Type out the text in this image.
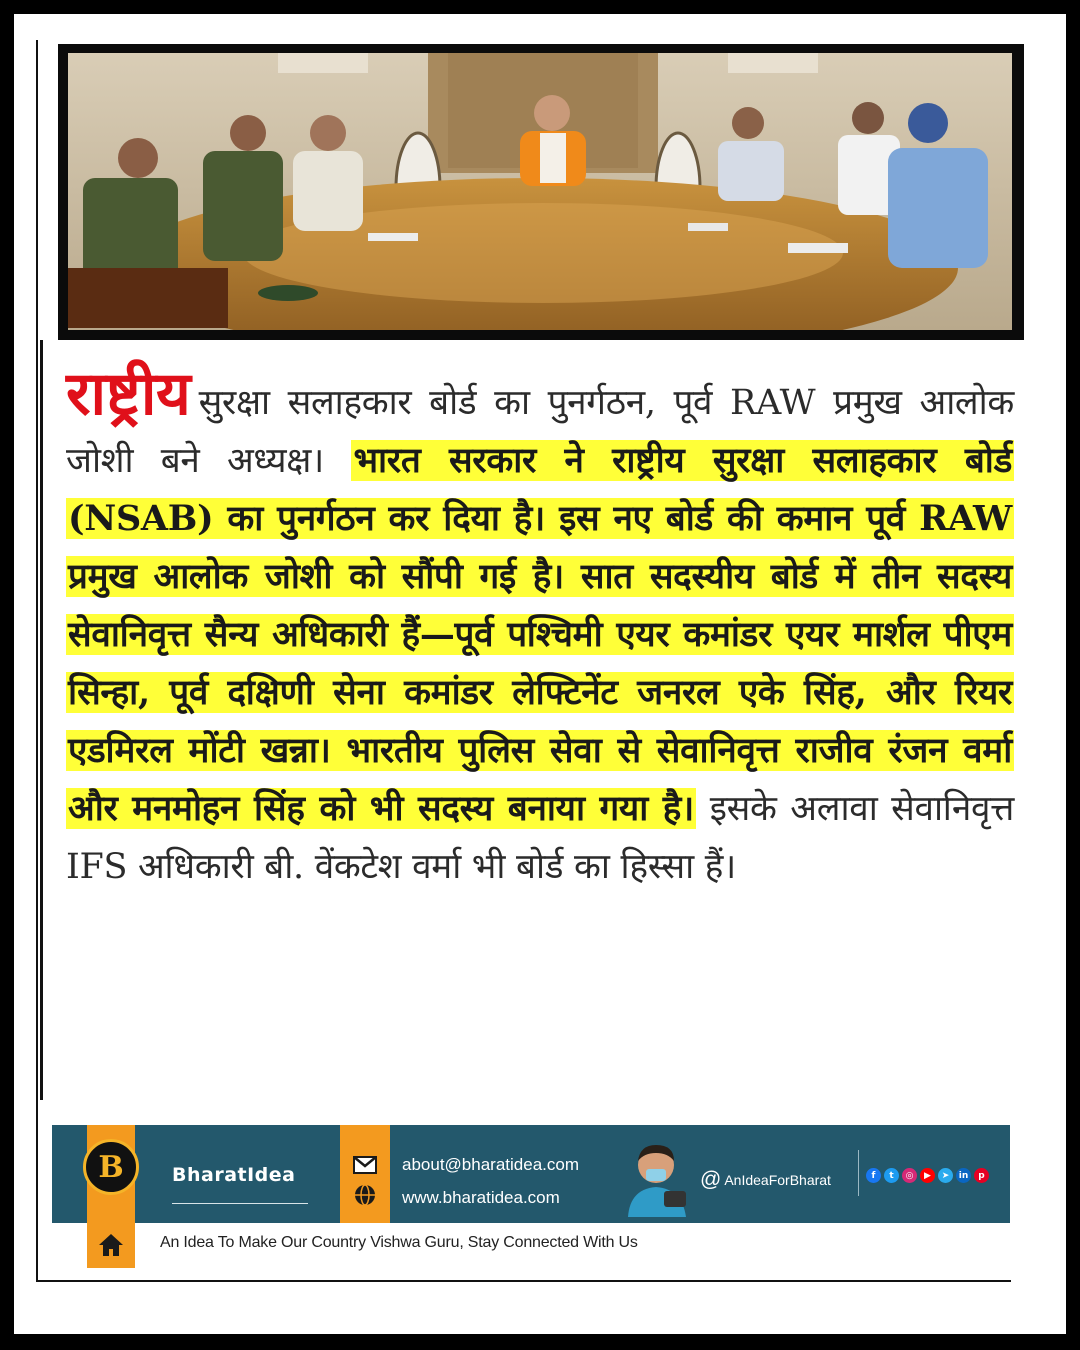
राष्ट्रीय सुरक्षा सलाहकार बोर्ड का पुनर्गठन, पूर्व RAW प्रमुख आलोक जोशी बने अध्यक्ष। भारत सरकार ने राष्ट्रीय सुरक्षा सलाहकार बोर्ड (NSAB) का पुनर्गठन कर दिया है। इस नए बोर्ड की कमान पूर्व RAW प्रमुख आलोक जोशी को सौंपी गई है। सात सदस्यीय बोर्ड में तीन सदस्य सेवानिवृत्त सैन्य अधिकारी हैं—पूर्व पश्चिमी एयर कमांडर एयर मार्शल पीएम सिन्हा, पूर्व दक्षिणी सेना कमांडर लेफ्टिनेंट जनरल एके सिंह, और रियर एडमिरल मोंटी खन्ना। भारतीय पुलिस सेवा से सेवानिवृत्त राजीव रंजन वर्मा और मनमोहन सिंह को भी सदस्य बनाया गया है। इसके अलावा सेवानिवृत्त IFS अधिकारी बी. वेंकटेश वर्मा भी बोर्ड का हिस्सा हैं।

B	BharatIdea	about@bharatidea.com
www.bharatidea.com
@ AnIdeaForBharat	f	t	◎	▶	➤	in	p
An Idea To Make Our Country Vishwa Guru, Stay Connected With Us
